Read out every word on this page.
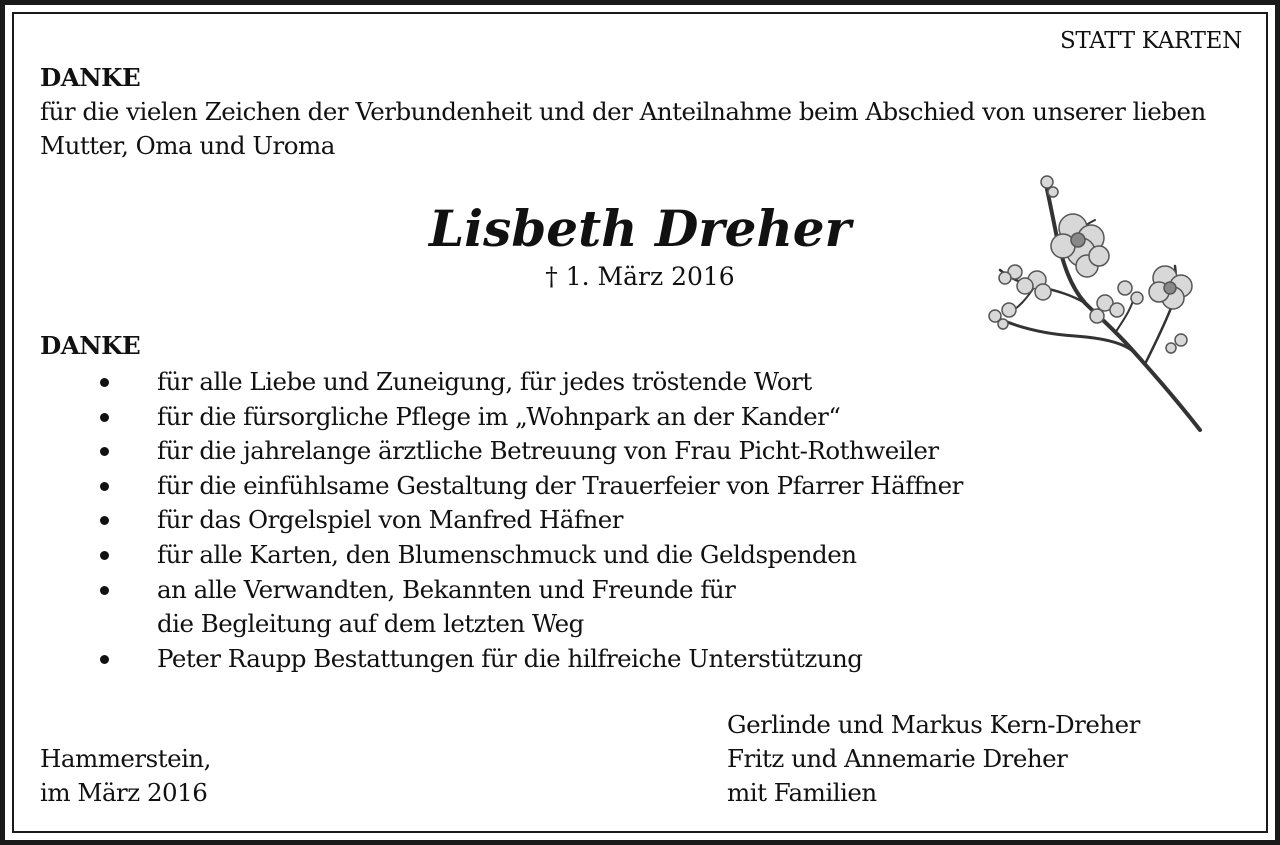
STATT KARTEN
DANKE
für die vielen Zeichen der Verbundenheit und der Anteilnahme beim Abschied von unserer lieben Mutter, Oma und Uroma
Lisbeth Dreher
† 1. März 2016
DANKE
für alle Liebe und Zuneigung, für jedes tröstende Wort
für die fürsorgliche Pflege im „Wohnpark an der Kander“
für die jahrelange ärztliche Betreuung von Frau Picht-Rothweiler
für die einfühlsame Gestaltung der Trauerfeier von Pfarrer Häffner
für das Orgelspiel von Manfred Häfner
für alle Karten, den Blumenschmuck und die Geldspenden
an alle Verwandten, Bekannten und Freunde für
die Begleitung auf dem letzten Weg
Peter Raupp Bestattungen für die hilfreiche Unterstützung
Hammerstein,
im März 2016
Gerlinde und Markus Kern-Dreher
Fritz und Annemarie Dreher
mit Familien
